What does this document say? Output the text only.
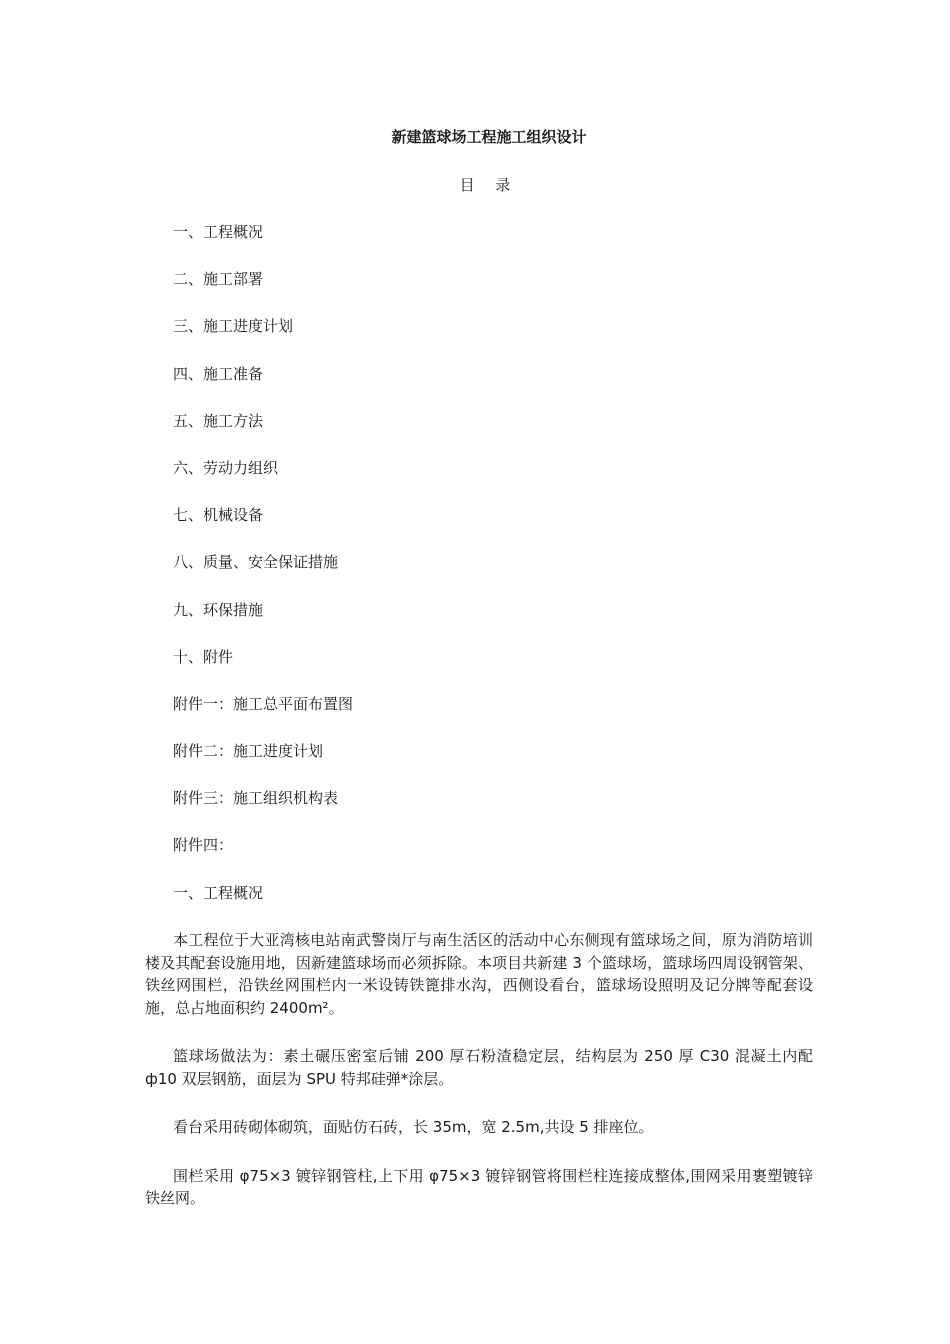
新建篮球场工程施工组织设计
目 录
一、工程概况
二、施工部署
三、施工进度计划
四、施工准备
五、施工方法
六、劳动力组织
七、机械设备
八、质量、安全保证措施
九、环保措施
十、附件
附件一：施工总平面布置图
附件二：施工进度计划
附件三：施工组织机构表
附件四：
一、工程概况

本工程位于大亚湾核电站南武警岗厅与南生活区的活动中心东侧现有篮球场之间，原为消防培训楼及其配套设施用地，因新建篮球场而必须拆除。本项目共新建 3 个篮球场，篮球场四周设钢管架、铁丝网围栏，沿铁丝网围栏内一米设铸铁篦排水沟，西侧设看台，篮球场设照明及记分牌等配套设施，总占地面积约 2400m²。

篮球场做法为：素土碾压密室后铺 200 厚石粉渣稳定层，结构层为 250 厚 C30 混凝土内配 ф10 双层钢筋，面层为 SPU 特邦硅弹*涂层。

看台采用砖砌体砌筑，面贴仿石砖，长 35m，宽 2.5m,共设 5 排座位。

围栏采用 φ75×3 镀锌钢管柱,上下用 φ75×3 镀锌钢管将围栏柱连接成整体,围网采用裹塑镀锌铁丝网。
